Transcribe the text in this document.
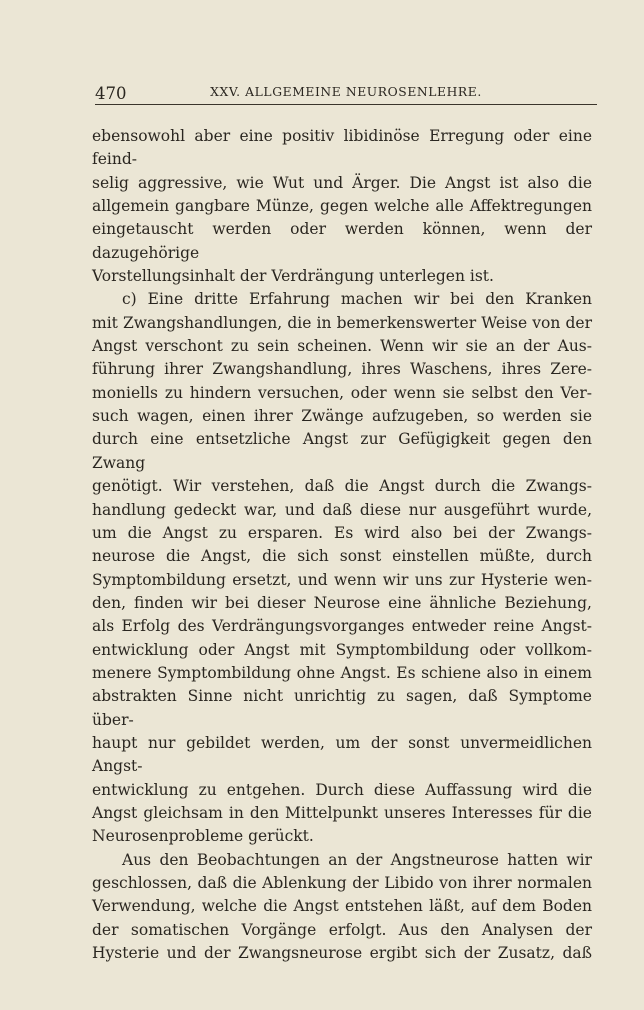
470	XXV. ALLGEMEINE NEUROSENLEHRE.

ebensowohl aber eine positiv libidinöse Erregung oder eine feind-
selig aggressive, wie Wut und Ärger. Die Angst ist also die
allgemein gangbare Münze, gegen welche alle Affektregungen
eingetauscht werden oder werden können, wenn der dazugehörige
Vorstellungsinhalt der Verdrängung unterlegen ist.

c) Eine dritte Erfahrung machen wir bei den Kranken
mit Zwangshandlungen, die in bemerkenswerter Weise von der
Angst verschont zu sein scheinen. Wenn wir sie an der Aus-
führung ihrer Zwangshandlung, ihres Waschens, ihres Zere-
moniells zu hindern versuchen, oder wenn sie selbst den Ver-
such wagen, einen ihrer Zwänge aufzugeben, so werden sie
durch eine entsetzliche Angst zur Gefügigkeit gegen den Zwang
genötigt. Wir verstehen, daß die Angst durch die Zwangs-
handlung gedeckt war, und daß diese nur ausgeführt wurde,
um die Angst zu ersparen. Es wird also bei der Zwangs-
neurose die Angst, die sich sonst einstellen müßte, durch
Symptombildung ersetzt, und wenn wir uns zur Hysterie wen-
den, finden wir bei dieser Neurose eine ähnliche Beziehung,
als Erfolg des Verdrängungsvorganges entweder reine Angst-
entwicklung oder Angst mit Symptombildung oder vollkom-
menere Symptombildung ohne Angst. Es schiene also in einem
abstrakten Sinne nicht unrichtig zu sagen, daß Symptome über-
haupt nur gebildet werden, um der sonst unvermeidlichen Angst-
entwicklung zu entgehen. Durch diese Auffassung wird die
Angst gleichsam in den Mittelpunkt unseres Interesses für die
Neurosenprobleme gerückt.

Aus den Beobachtungen an der Angstneurose hatten wir
geschlossen, daß die Ablenkung der Libido von ihrer normalen
Verwendung, welche die Angst entstehen läßt, auf dem Boden
der somatischen Vorgänge erfolgt. Aus den Analysen der
Hysterie und der Zwangsneurose ergibt sich der Zusatz, daß
